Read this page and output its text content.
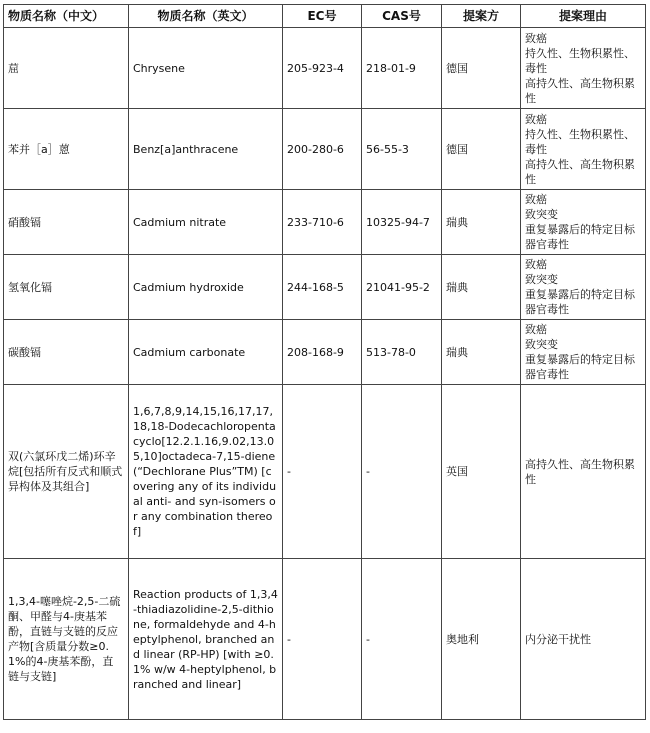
物质名称（中文）	物质名称（英文）	EC号	CAS号	提案方	提案理由
䓛	Chrysene	205-923-4	218-01-9	德国	致癌
持久性、生物积累性、毒性
高持久性、高生物积累性

苯并［a］蒽	Benz[a]anthracene	200-280-6	56-55-3	德国	致癌
持久性、生物积累性、毒性
高持久性、高生物积累性

硝酸镉	Cadmium nitrate	233-710-6	10325-94-7	瑞典	致癌
致突变
重复暴露后的特定目标器官毒性

氢氧化镉	Cadmium hydroxide	244-168-5	21041-95-2	瑞典	致癌
致突变
重复暴露后的特定目标器官毒性

碳酸镉	Cadmium carbonate	208-168-9	513-78-0	瑞典	致癌
致突变
重复暴露后的特定目标器官毒性

双(六氯环戊二烯)环辛烷[包括所有反式和顺式异构体及其组合]	1,6,7,8,9,14,15,16,17,17,18,18-Dodecachloropentacyclo[12.2.1.16,9.02,13.05,10]octadeca-7,15-diene (“Dechlorane Plus”TM) [covering any of its individual anti- and syn-isomers or any combination thereof]	-	-	英国	高持久性、高生物积累性

1,3,4-噻唑烷-2,5-二硫酮、甲醛与4-庚基苯酚，直链与支链的反应产物[含质量分数≥0.1%的4-庚基苯酚，直链与支链]	Reaction products of 1,3,4-thiadiazolidine-2,5-dithione, formaldehyde and 4-heptylphenol, branched and linear (RP-HP) [with ≥0.1% w/w 4-heptylphenol, branched and linear]	-	-	奥地利	内分泌干扰性
